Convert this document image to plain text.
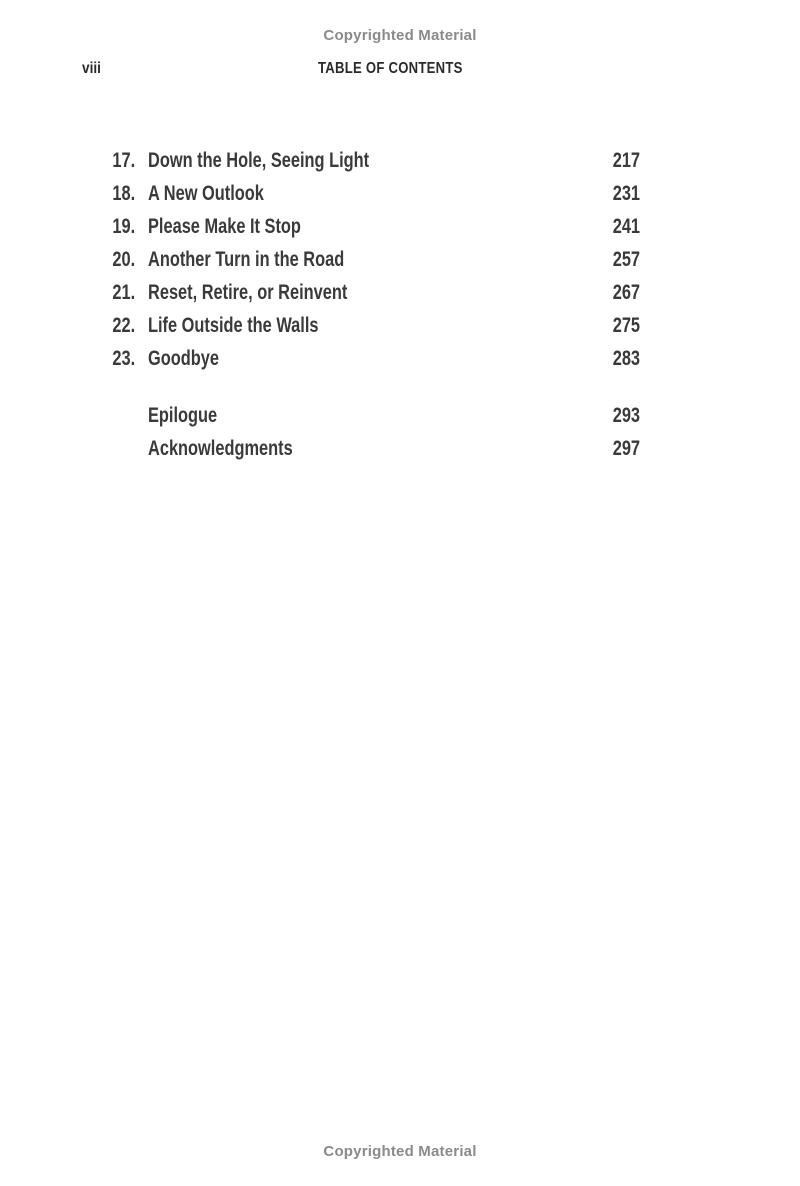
Copyrighted Material
viii	TABLE OF CONTENTS
17. Down the Hole, Seeing Light	217
18. A New Outlook	231
19. Please Make It Stop	241
20. Another Turn in the Road	257
21. Reset, Retire, or Reinvent	267
22. Life Outside the Walls	275
23. Goodbye	283
Epilogue	293
Acknowledgments	297
Copyrighted Material
